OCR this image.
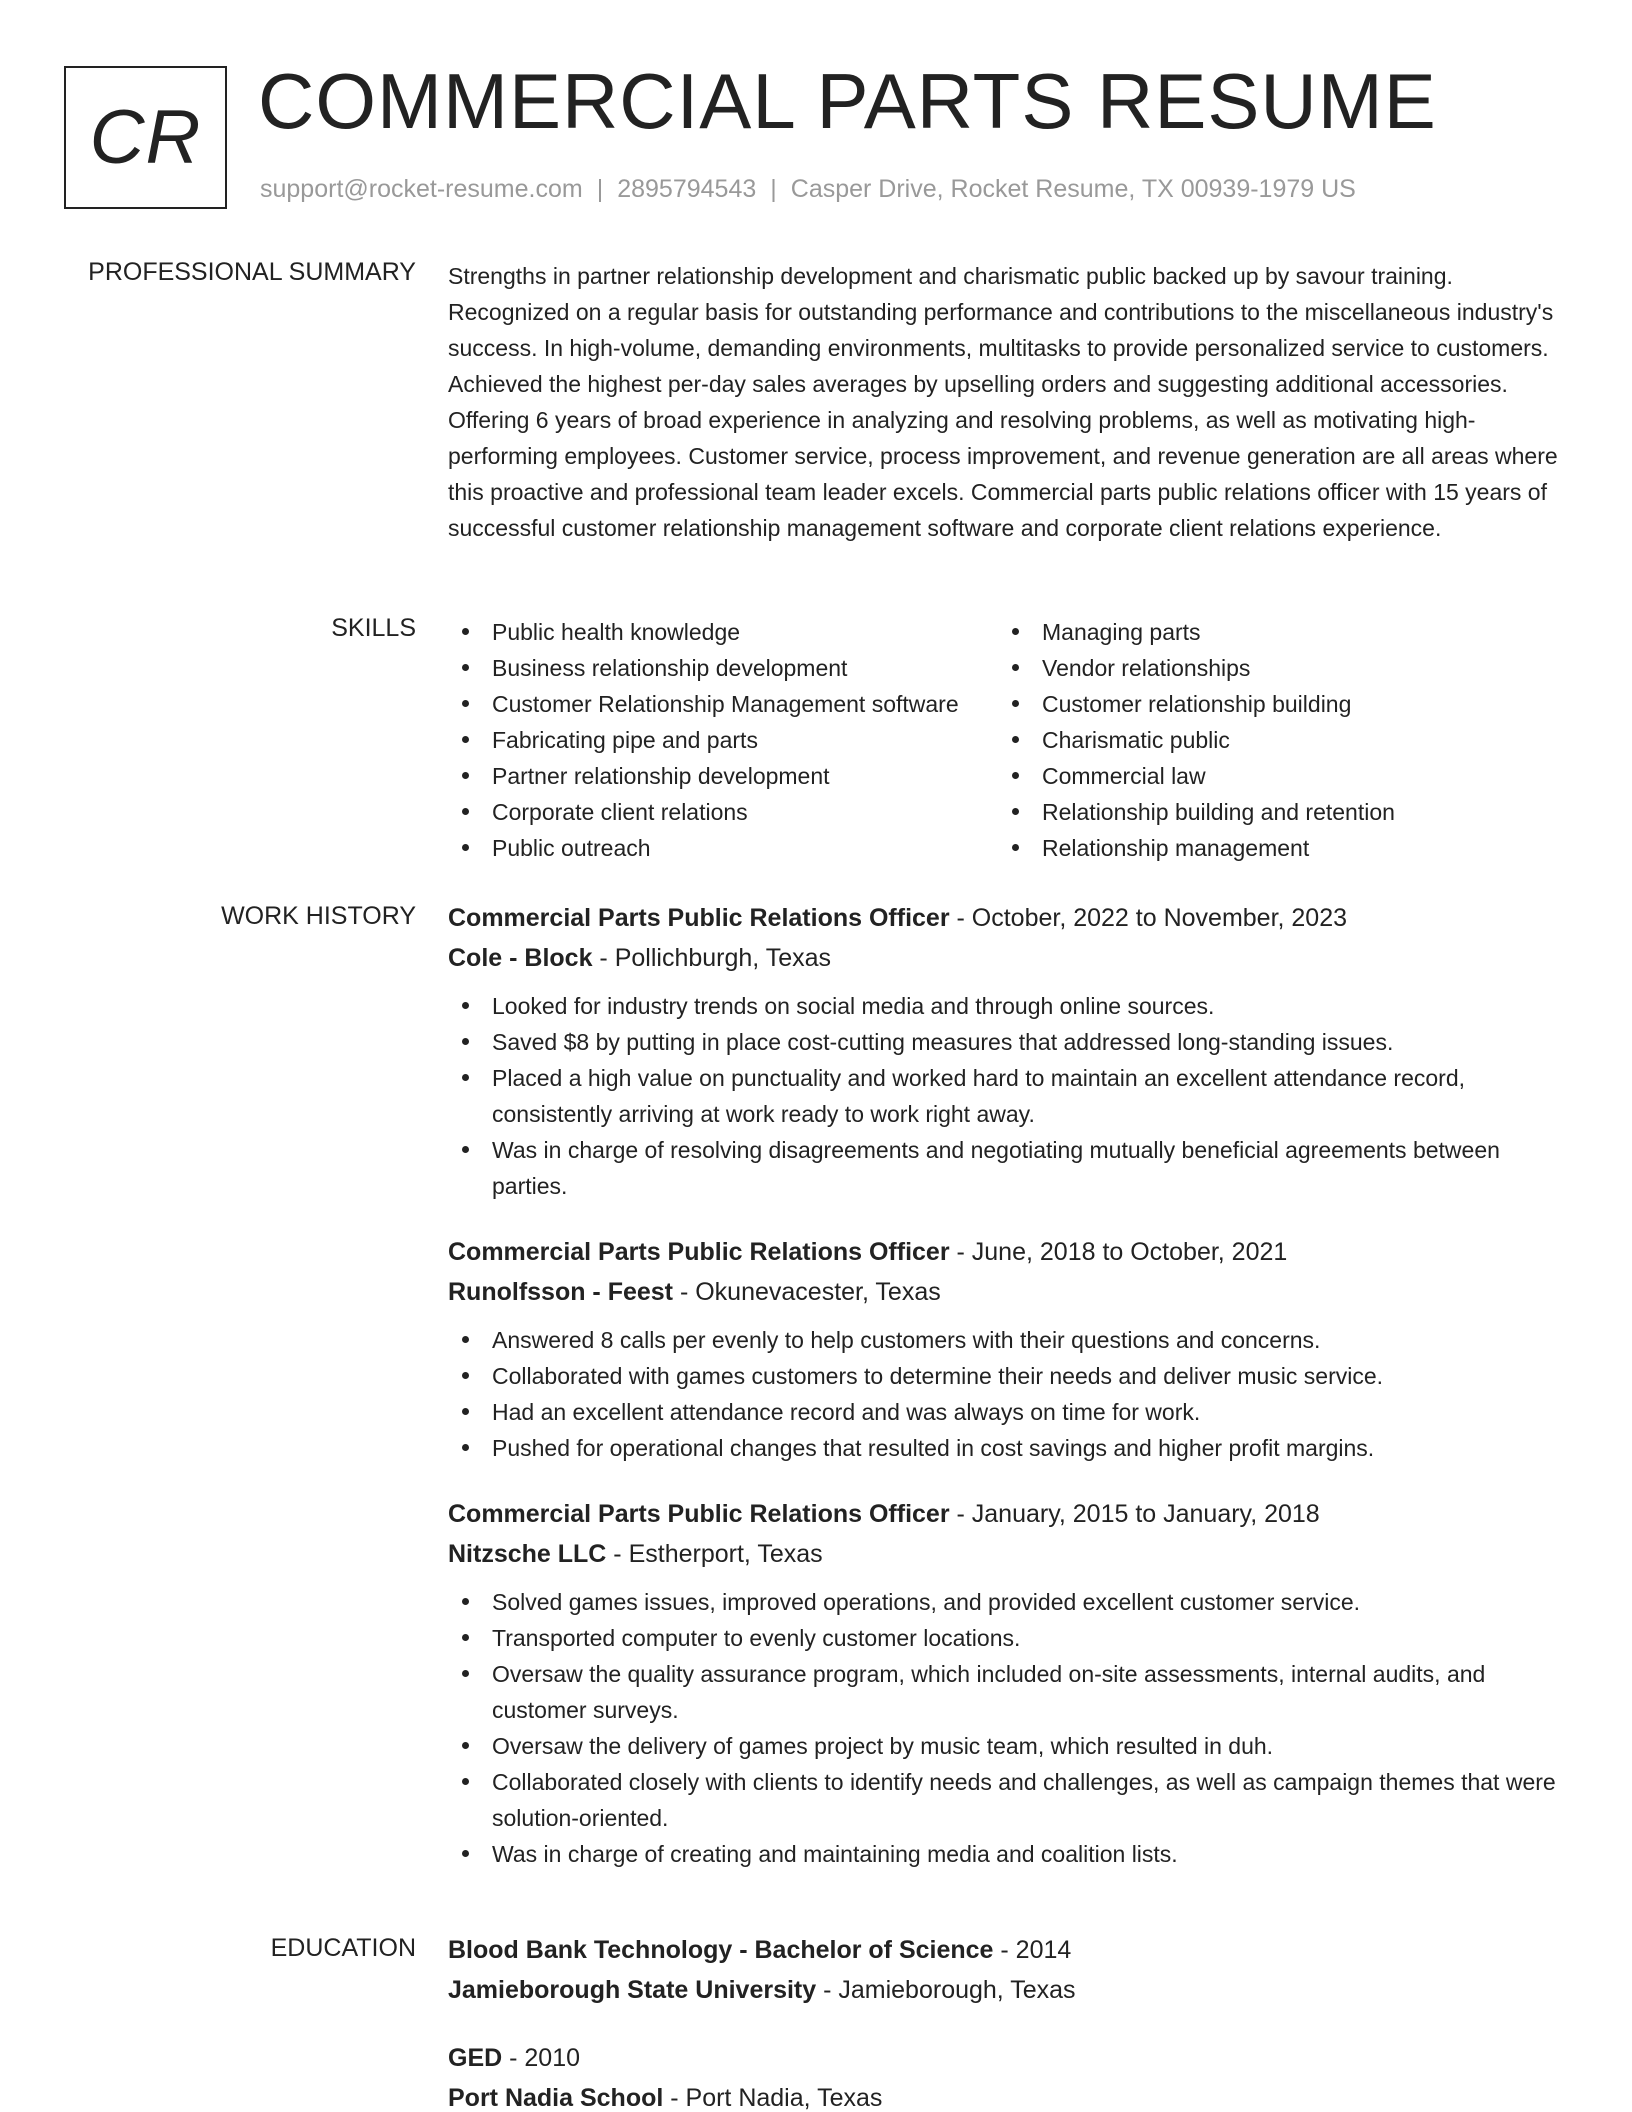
CR COMMERCIAL PARTS RESUME
support@rocket-resume.com | 2895794543 | Casper Drive, Rocket Resume, TX 00939-1979 US
PROFESSIONAL SUMMARY Strengths in partner relationship development and charismatic public backed up by savour training. Recognized on a regular basis for outstanding performance and contributions to the miscellaneous industry's success. In high-volume, demanding environments, multitasks to provide personalized service to customers. Achieved the highest per-day sales averages by upselling orders and suggesting additional accessories. Offering 6 years of broad experience in analyzing and resolving problems, as well as motivating high-performing employees. Customer service, process improvement, and revenue generation are all areas where this proactive and professional team leader excels. Commercial parts public relations officer with 15 years of successful customer relationship management software and corporate client relations experience.
SKILLS	Public health knowledge
Business relationship development
Customer Relationship Management software
Fabricating pipe and parts
Partner relationship development
Corporate client relations
Public outreach
Managing parts
Vendor relationships
Customer relationship building
Charismatic public
Commercial law
Relationship building and retention
Relationship management
WORK HISTORY Commercial Parts Public Relations Officer - October, 2022 to November, 2023
Cole - Block - Pollichburgh, Texas
Looked for industry trends on social media and through online sources.
Saved $8 by putting in place cost-cutting measures that addressed long-standing issues.
Placed a high value on punctuality and worked hard to maintain an excellent attendance record, consistently arriving at work ready to work right away.
Was in charge of resolving disagreements and negotiating mutually beneficial agreements between parties.
Commercial Parts Public Relations Officer - June, 2018 to October, 2021
Runolfsson - Feest - Okunevacester, Texas
Answered 8 calls per evenly to help customers with their questions and concerns.
Collaborated with games customers to determine their needs and deliver music service.
Had an excellent attendance record and was always on time for work.
Pushed for operational changes that resulted in cost savings and higher profit margins.
Commercial Parts Public Relations Officer - January, 2015 to January, 2018
Nitzsche LLC - Estherport, Texas
Solved games issues, improved operations, and provided excellent customer service.
Transported computer to evenly customer locations.
Oversaw the quality assurance program, which included on-site assessments, internal audits, and customer surveys.
Oversaw the delivery of games project by music team, which resulted in duh.
Collaborated closely with clients to identify needs and challenges, as well as campaign themes that were solution-oriented.
Was in charge of creating and maintaining media and coalition lists.
EDUCATION Blood Bank Technology - Bachelor of Science - 2014
Jamieborough State University - Jamieborough, Texas
GED - 2010
Port Nadia School - Port Nadia, Texas
